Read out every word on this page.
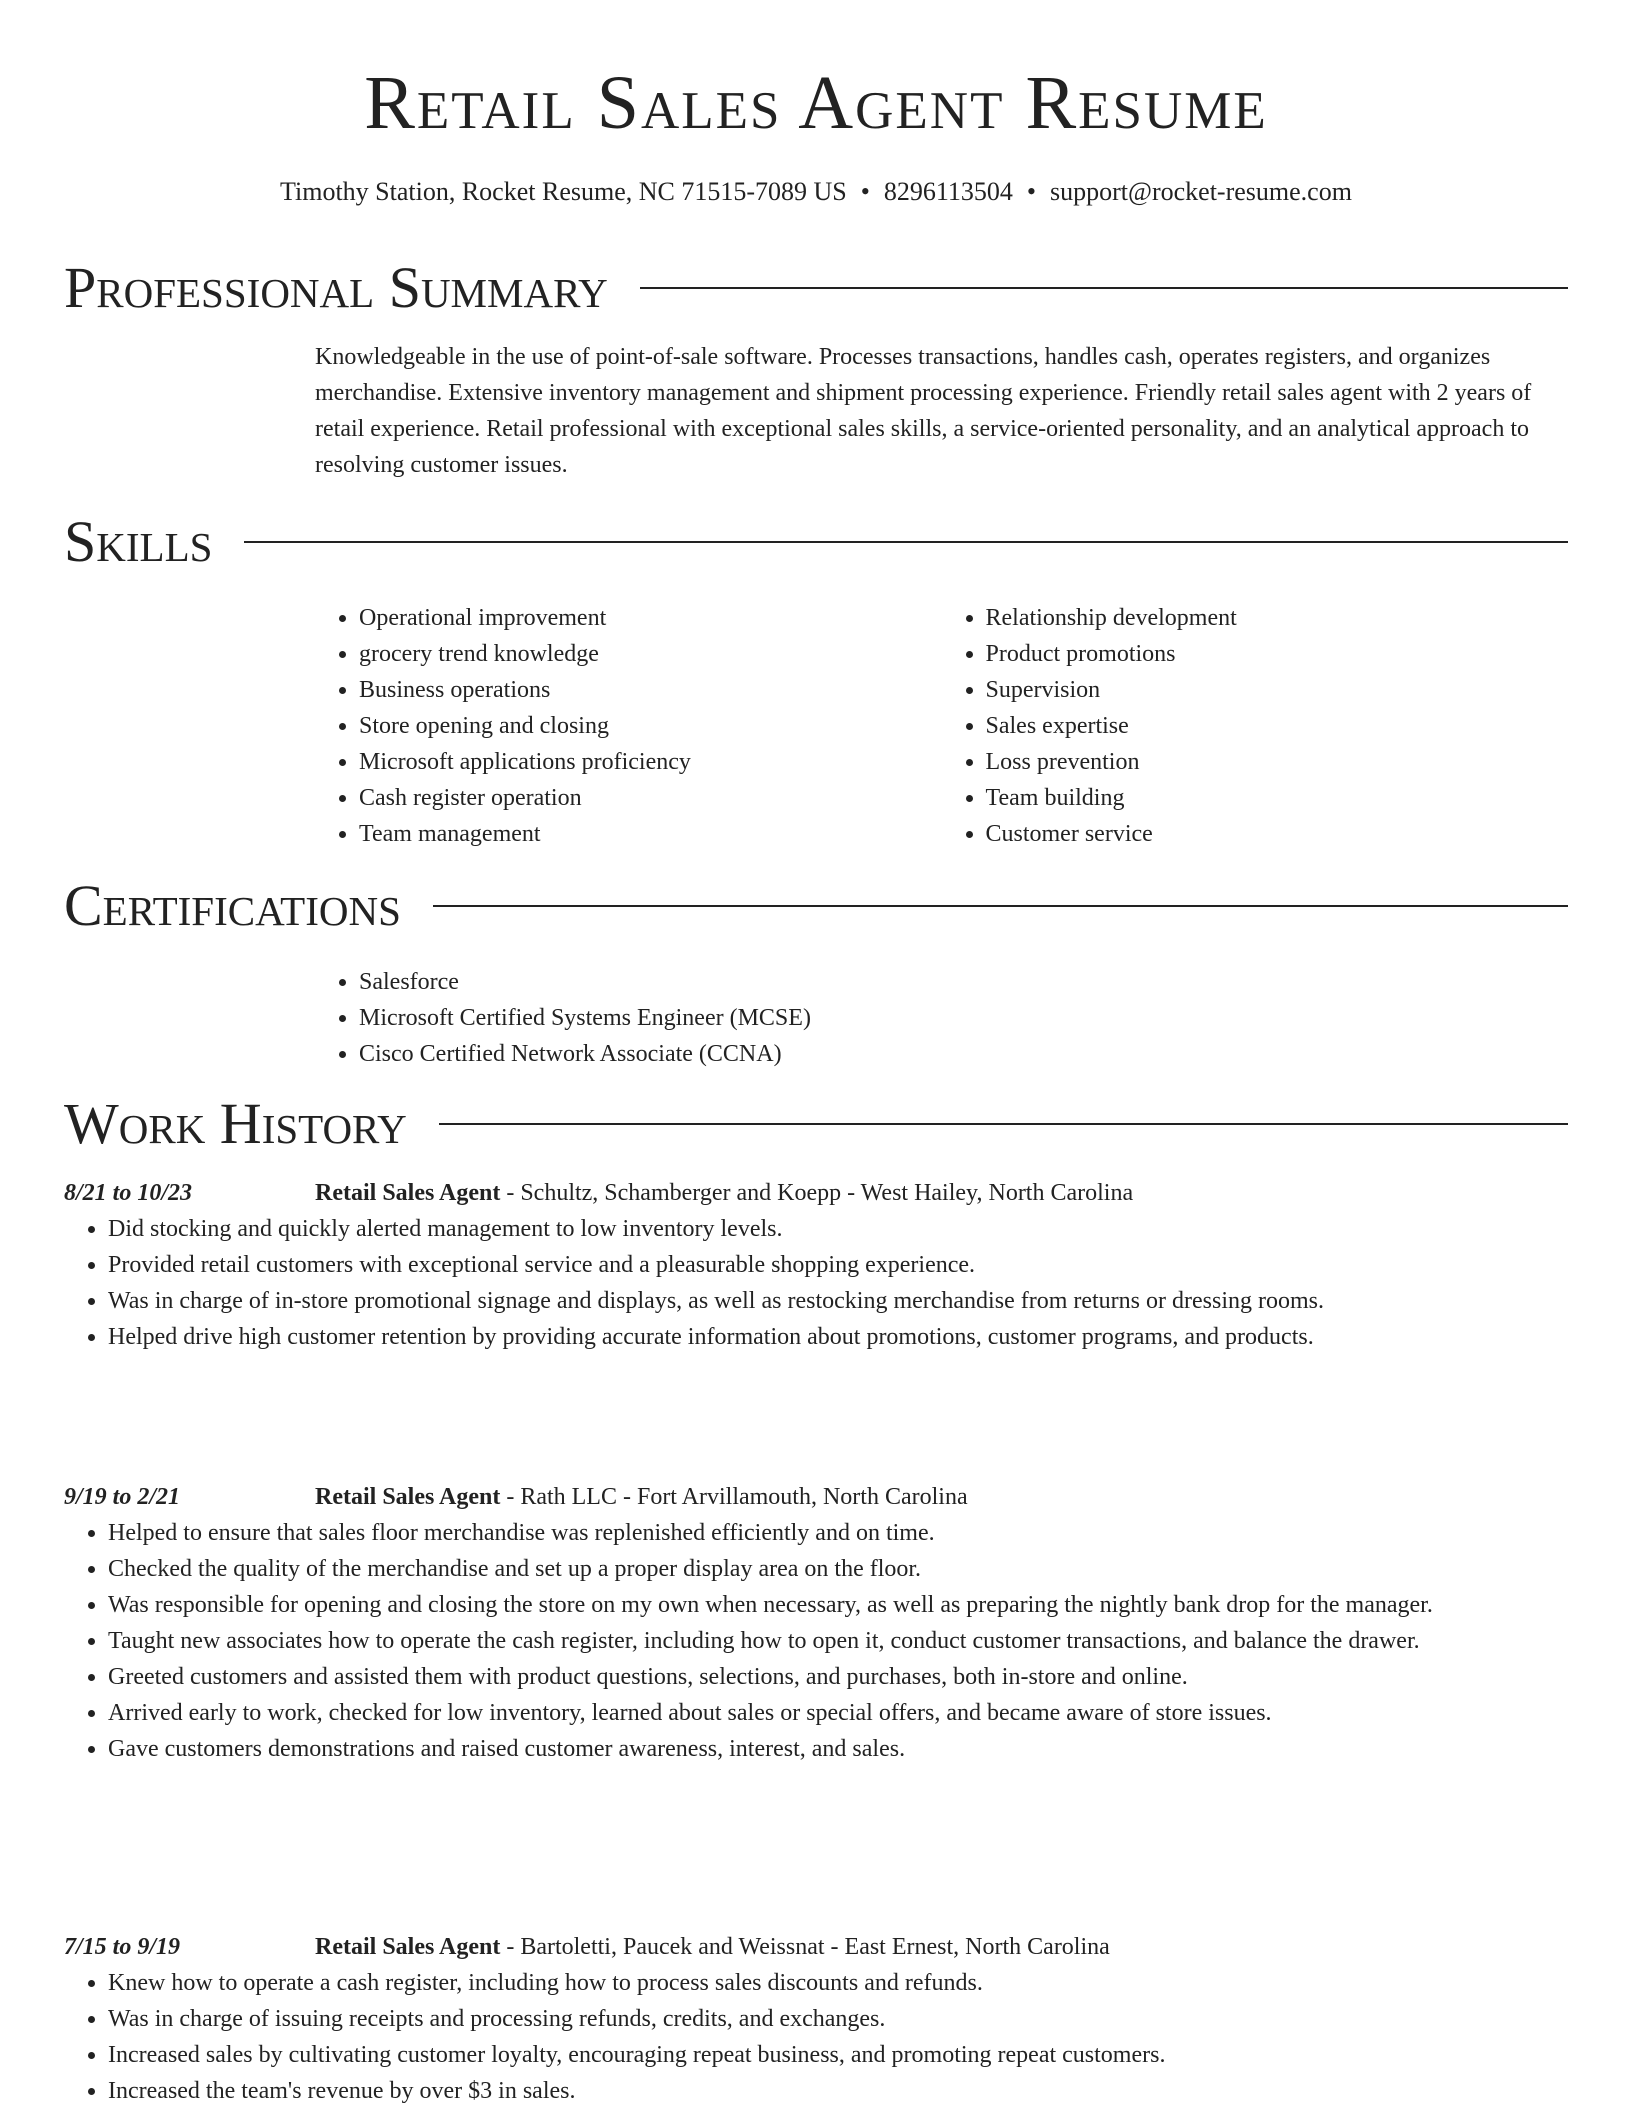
Retail Sales Agent Resume
Timothy Station, Rocket Resume, NC 71515-7089 US • 8296113504 • support@rocket-resume.com
Professional Summary

Knowledgeable in the use of point-of-sale software. Processes transactions, handles cash, operates registers, and organizes merchandise. Extensive inventory management and shipment processing experience. Friendly retail sales agent with 2 years of retail experience. Retail professional with exceptional sales skills, a service-oriented personality, and an analytical approach to resolving customer issues.

Skills
• Operational improvement
• grocery trend knowledge
• Business operations
• Store opening and closing
• Microsoft applications proficiency
• Cash register operation
• Team management
• Relationship development
• Product promotions
• Supervision
• Sales expertise
• Loss prevention
• Team building
• Customer service
Certifications
• Salesforce
• Microsoft Certified Systems Engineer (MCSE)
• Cisco Certified Network Associate (CCNA)
Work History
8/21 to 10/23	Retail Sales Agent - Schultz, Schamberger and Koepp - West Hailey, North Carolina
• Did stocking and quickly alerted management to low inventory levels.
• Provided retail customers with exceptional service and a pleasurable shopping experience.
• Was in charge of in-store promotional signage and displays, as well as restocking merchandise from returns or dressing rooms.
• Helped drive high customer retention by providing accurate information about promotions, customer programs, and products.
9/19 to 2/21	Retail Sales Agent - Rath LLC - Fort Arvillamouth, North Carolina
• Helped to ensure that sales floor merchandise was replenished efficiently and on time.
• Checked the quality of the merchandise and set up a proper display area on the floor.
• Was responsible for opening and closing the store on my own when necessary, as well as preparing the nightly bank drop for the manager.
• Taught new associates how to operate the cash register, including how to open it, conduct customer transactions, and balance the drawer.
• Greeted customers and assisted them with product questions, selections, and purchases, both in-store and online.
• Arrived early to work, checked for low inventory, learned about sales or special offers, and became aware of store issues.
• Gave customers demonstrations and raised customer awareness, interest, and sales.
7/15 to 9/19	Retail Sales Agent - Bartoletti, Paucek and Weissnat - East Ernest, North Carolina
• Knew how to operate a cash register, including how to process sales discounts and refunds.
• Was in charge of issuing receipts and processing refunds, credits, and exchanges.
• Increased sales by cultivating customer loyalty, encouraging repeat business, and promoting repeat customers.
• Increased the team's revenue by over $3 in sales.
